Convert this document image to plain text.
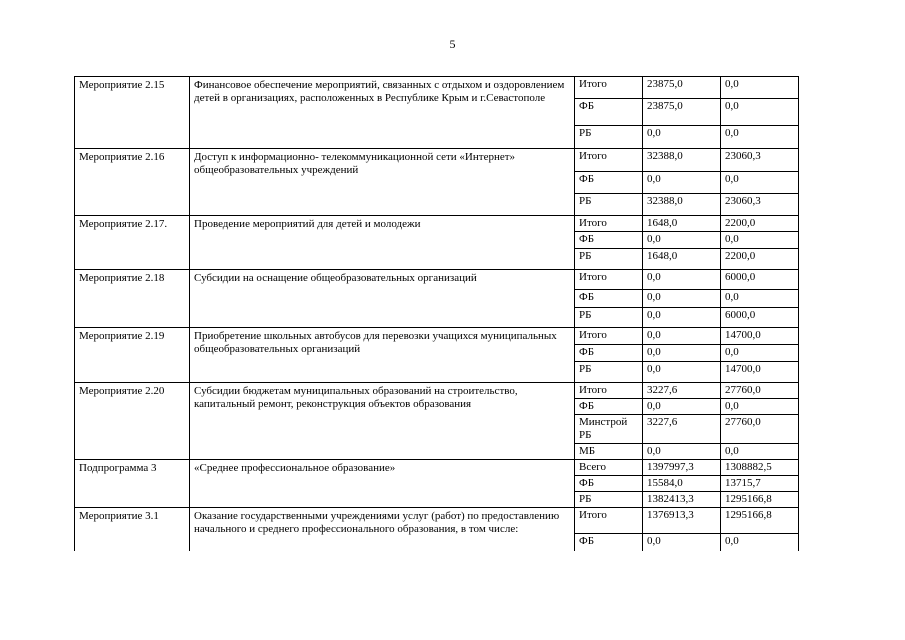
5
Мероприятие 2.15	Финансовое обеспечение мероприятий, связанных с отдыхом и оздоровлением детей в организациях, расположенных в Республике Крым и г.Севастополе	Итого	23875,0	0,0
		ФБ	23875,0	0,0
		РБ	0,0	0,0
Мероприятие 2.16	Доступ к информационно- телекоммуникационной сети «Интернет» общеобразовательных учреждений	Итого	32388,0	23060,3
		ФБ	0,0	0,0
		РБ	32388,0	23060,3
Мероприятие 2.17.	Проведение мероприятий для детей и молодежи	Итого	1648,0	2200,0
		ФБ	0,0	0,0
		РБ	1648,0	2200,0
Мероприятие 2.18	Субсидии на оснащение общеобразовательных организаций	Итого	0,0	6000,0
		ФБ	0,0	0,0
		РБ	0,0	6000,0
Мероприятие 2.19	Приобретение школьных автобусов для перевозки учащихся муниципальных общеобразовательных организаций	Итого	0,0	14700,0
		ФБ	0,0	0,0
		РБ	0,0	14700,0
Мероприятие 2.20	Субсидии бюджетам муниципальных образований на строительство, капитальный ремонт, реконструкция объектов образования	Итого	3227,6	27760,0
		ФБ	0,0	0,0
		Минстрой РБ	3227,6	27760,0
		МБ	0,0	0,0
Подпрограмма 3	«Среднее профессиональное образование»	Всего	1397997,3	1308882,5
		ФБ	15584,0	13715,7
		РБ	1382413,3	1295166,8
Мероприятие 3.1	Оказание государственными учреждениями услуг (работ) по предоставлению начального и среднего профессионального образования, в том числе:	Итого	1376913,3	1295166,8
		ФБ	0,0	0,0
